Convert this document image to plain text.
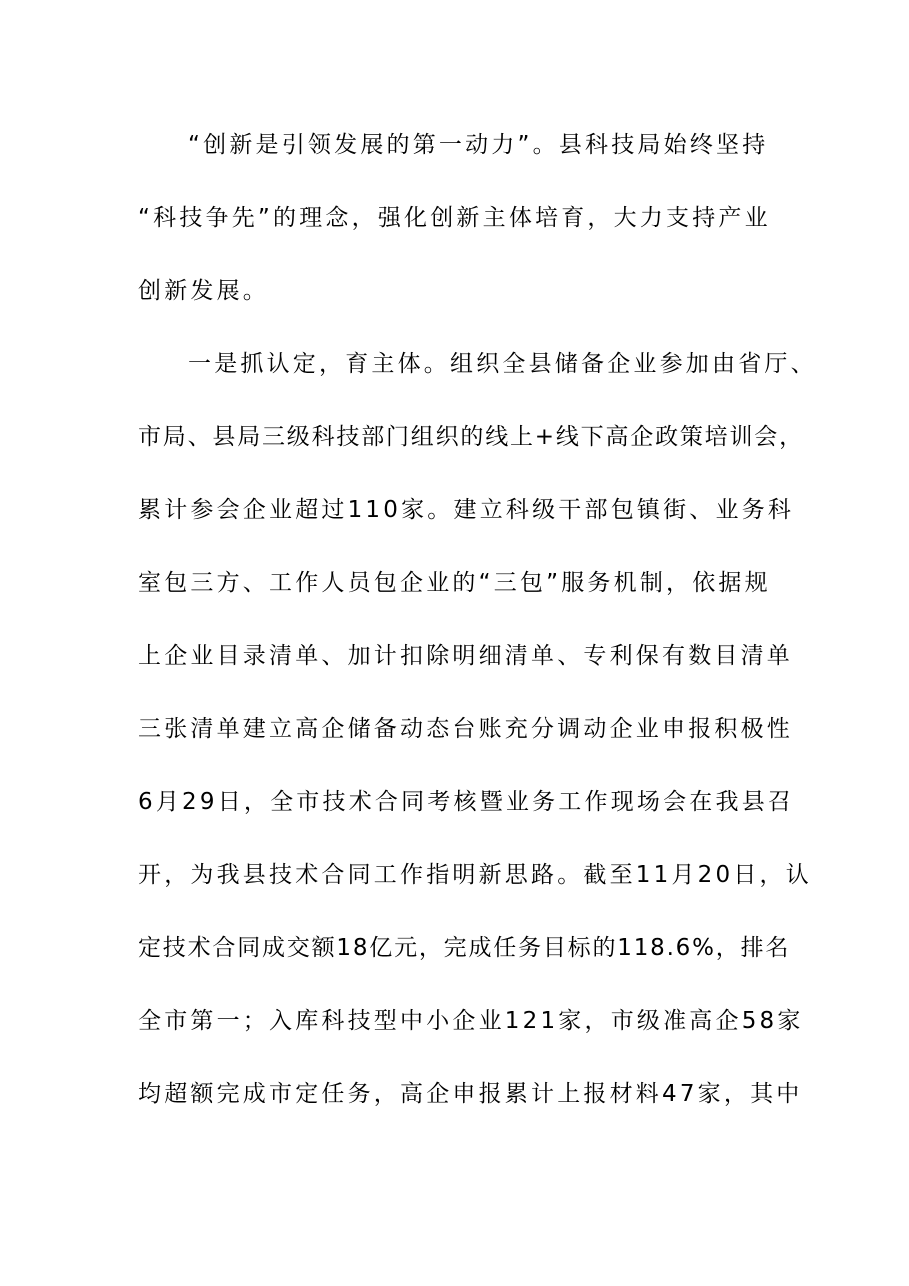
“创新是引领发展的第一动力”。县科技局始终坚持
“科技争先”的理念，强化创新主体培育，大力支持产业
创新发展。
一是抓认定，育主体。组织全县储备企业参加由省厅、
市局、县局三级科技部门组织的线上+线下高企政策培训会，
累计参会企业超过110家。建立科级干部包镇街、业务科
室包三方、工作人员包企业的“三包”服务机制，依据规
上企业目录清单、加计扣除明细清单、专利保有数目清单
三张清单建立高企储备动态台账充分调动企业申报积极性
6月29日，全市技术合同考核暨业务工作现场会在我县召
开，为我县技术合同工作指明新思路。截至11月20日，认
定技术合同成交额18亿元，完成任务目标的118.6%，排名
全市第一；入库科技型中小企业121家，市级准高企58家
均超额完成市定任务，高企申报累计上报材料47家，其中
